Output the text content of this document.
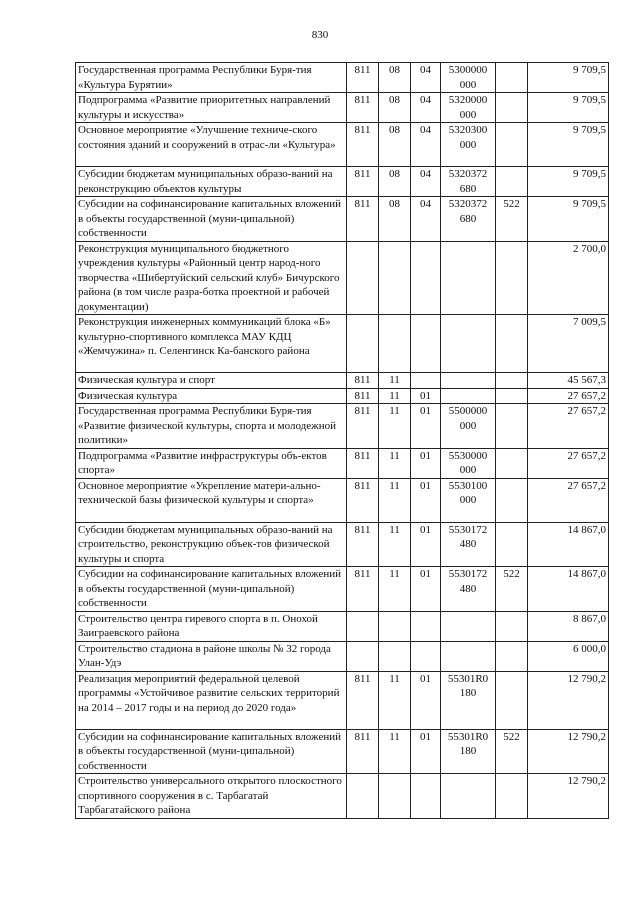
830
Государственная программа Республики Буря-тия «Культура Бурятии»	811	08	04	5300000 000		9 709,5
Подпрограмма «Развитие приоритетных направлений культуры и искусства»	811	08	04	5320000 000		9 709,5
Основное мероприятие «Улучшение техниче-ского состояния зданий и сооружений в отрас-ли «Культура»	811	08	04	5320300 000		9 709,5
Субсидии бюджетам муниципальных образо-ваний на реконструкцию объектов культуры	811	08	04	5320372 680		9 709,5
Субсидии на софинансирование капитальных вложений в объекты государственной (муни-ципальной) собственности	811	08	04	5320372 680	522	9 709,5
Реконструкция муниципального бюджетного учреждения культуры «Районный центр народ-ного творчества «Шибертуйский сельский клуб» Бичурского района (в том числе разра-ботка проектной и рабочей документации)						2 700,0
Реконструкция инженерных коммуникаций блока «Б» культурно-спортивного комплекса МАУ КДЦ «Жемчужина» п. Селенгинск Ка-банского района						7 009,5
Физическая культура и спорт	811	11				45 567,3
Физическая культура	811	11	01			27 657,2
Государственная программа Республики Буря-тия «Развитие физической культуры, спорта и молодежной политики»	811	11	01	5500000 000		27 657,2
Подпрограмма «Развитие инфраструктуры объ-ектов спорта»	811	11	01	5530000 000		27 657,2
Основное мероприятие «Укрепление матери-ально-технической базы физической культуры и спорта»	811	11	01	5530100 000		27 657,2
Субсидии бюджетам муниципальных образо-ваний на строительство, реконструкцию объек-тов физической культуры и спорта	811	11	01	5530172 480		14 867,0
Субсидии на софинансирование капитальных вложений в объекты государственной (муни-ципальной) собственности	811	11	01	5530172 480	522	14 867,0
Строительство центра гиревого спорта в п. Онохой Заиграевского района						8 867,0
Строительство стадиона в районе школы № 32 города Улан-Удэ						6 000,0
Реализация мероприятий федеральной целевой программы «Устойчивое развитие сельских территорий на 2014 – 2017 годы и на период до 2020 года»	811	11	01	55301R0 180		12 790,2
Субсидии на софинансирование капитальных вложений в объекты государственной (муни-ципальной) собственности	811	11	01	55301R0 180	522	12 790,2
Строительство универсального открытого плоскостного спортивного сооружения в с. Тарбагатай Тарбагатайского района						12 790,2
